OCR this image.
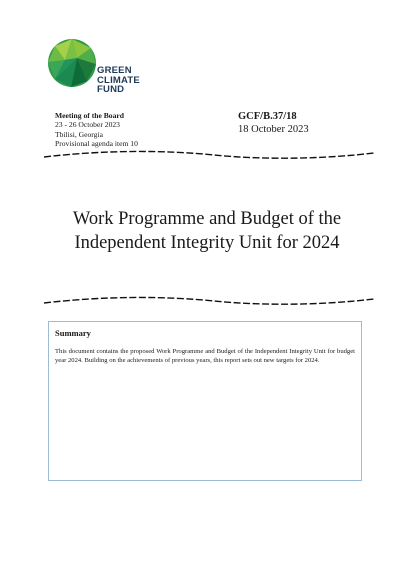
GREEN
CLIMATE
FUND
Meeting of the Board
23 - 26 October 2023
Tbilisi, Georgia
Provisional agenda item 10
GCF/B.37/18
18 October 2023
Work Programme and Budget of the
Independent Integrity Unit for 2024
Summary
This document contains the proposed Work Programme and Budget of the Independent Integrity Unit for budget year 2024. Building on the achievements of previous years, this report sets out new targets for 2024.
